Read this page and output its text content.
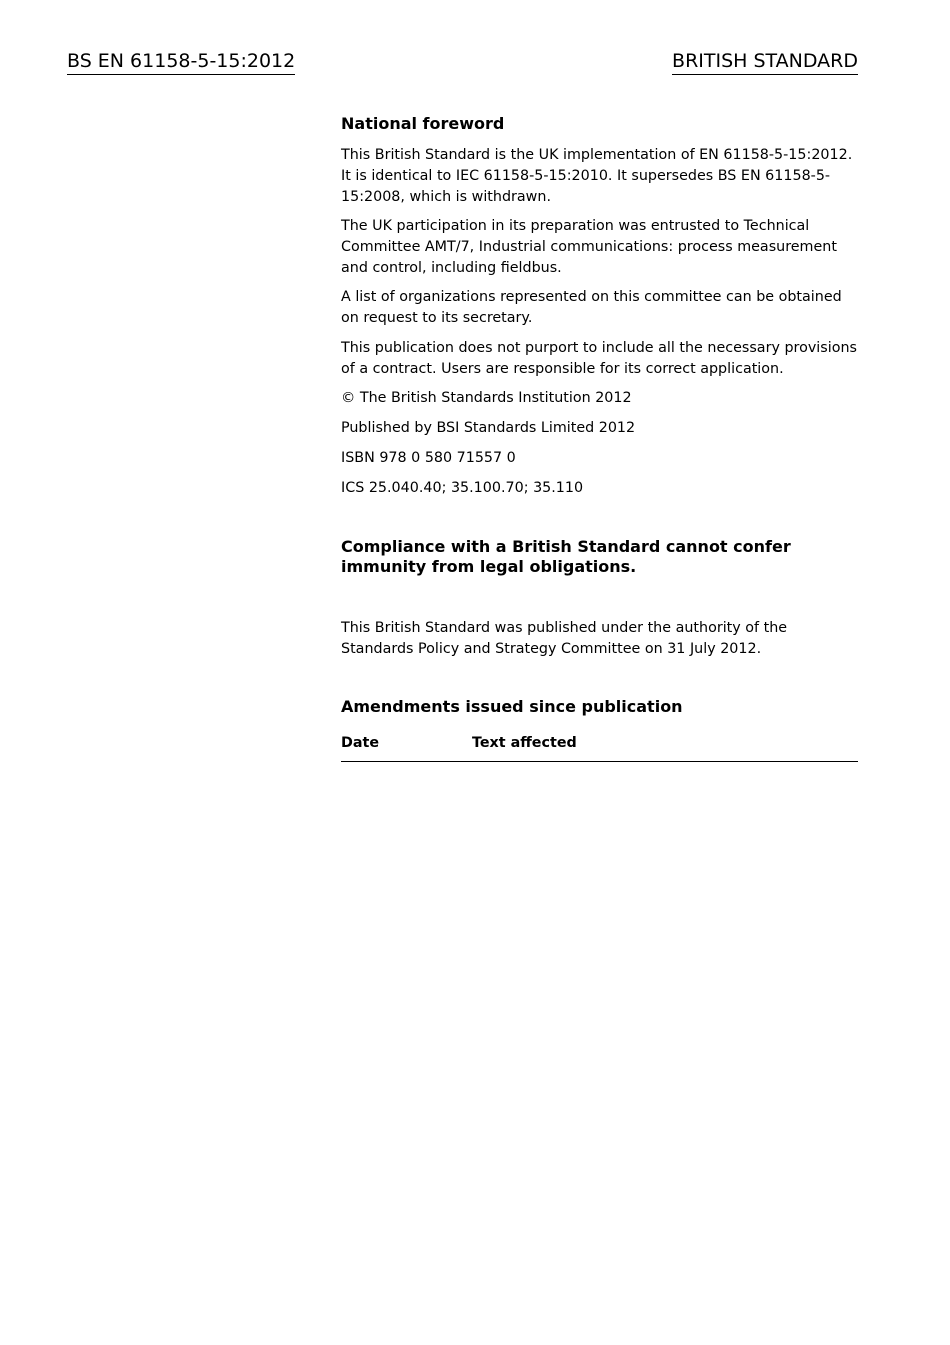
BS EN 61158-5-15:2012	BRITISH STANDARD
National foreword

This British Standard is the UK implementation of EN 61158-5-15:2012. It is identical to IEC 61158-5-15:2010. It supersedes BS EN 61158-5-15:2008, which is withdrawn.

The UK participation in its preparation was entrusted to Technical Committee AMT/7, Industrial communications: process measurement and control, including fieldbus.

A list of organizations represented on this committee can be obtained on request to its secretary.

This publication does not purport to include all the necessary provisions of a contract. Users are responsible for its correct application.

© The British Standards Institution 2012

Published by BSI Standards Limited 2012

ISBN 978 0 580 71557 0

ICS 25.040.40; 35.100.70; 35.110

Compliance with a British Standard cannot confer immunity from legal obligations.

This British Standard was published under the authority of the Standards Policy and Strategy Committee on 31 July 2012.

Amendments issued since publication
Date	Text affected
